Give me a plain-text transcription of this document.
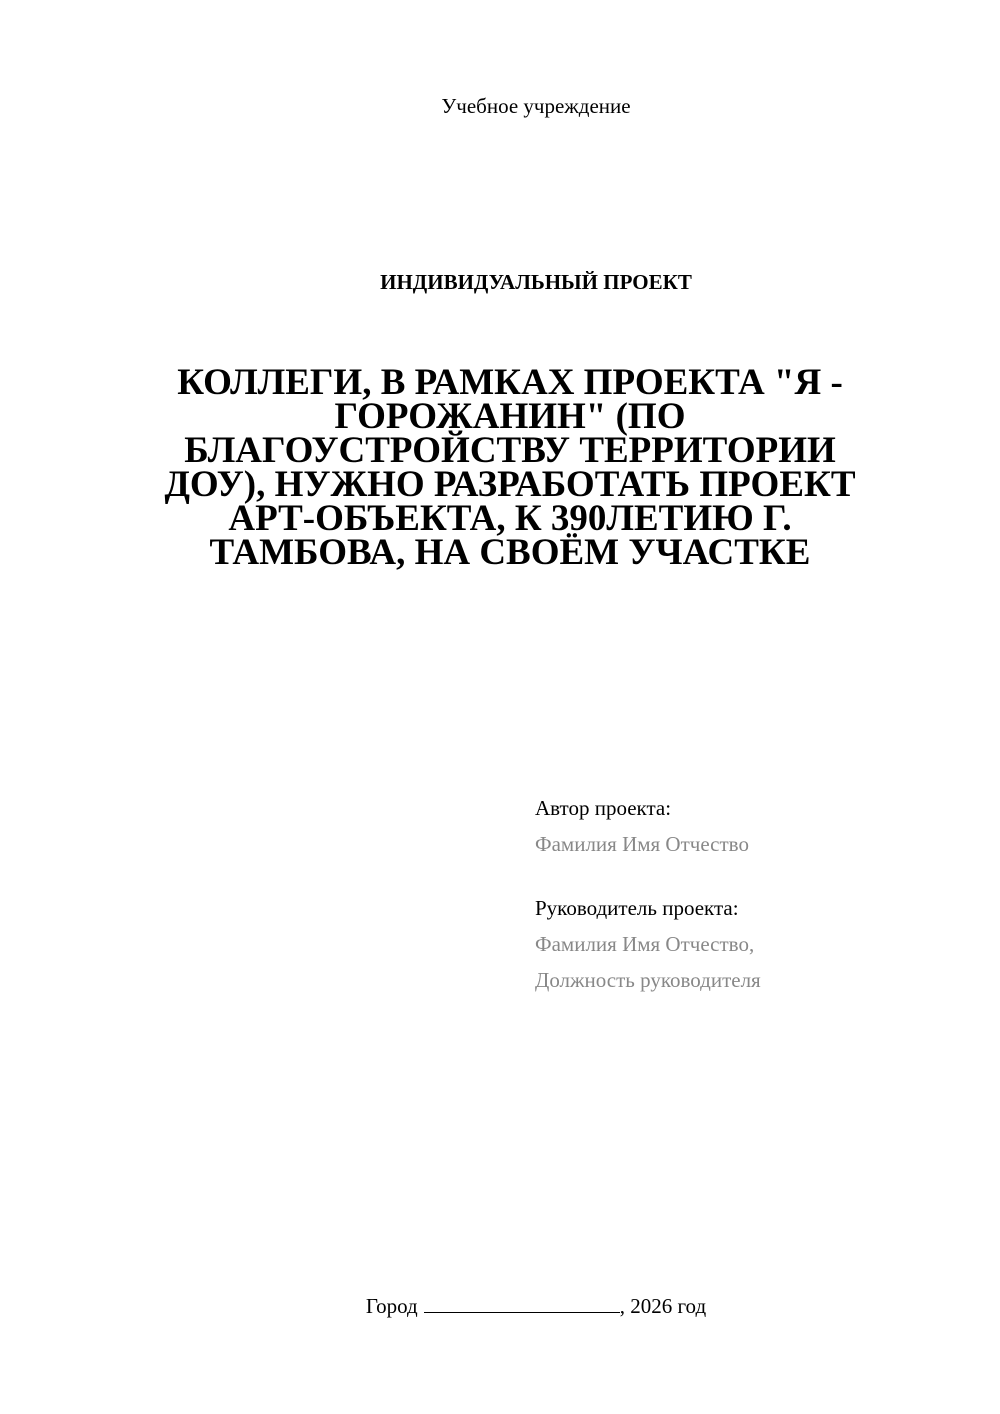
Учебное учреждение
ИНДИВИДУАЛЬНЫЙ ПРОЕКТ
КОЛЛЕГИ, В РАМКАХ ПРОЕКТА "Я -
ГОРОЖАНИН" (ПО
БЛАГОУСТРОЙСТВУ ТЕРРИТОРИИ
ДОУ), НУЖНО РАЗРАБОТАТЬ ПРОЕКТ
АРТ-ОБЪЕКТА, К 390ЛЕТИЮ Г.
ТАМБОВА, НА СВОЁМ УЧАСТКЕ
Автор проекта:
Фамилия Имя Отчество
Руководитель проекта:
Фамилия Имя Отчество,
Должность руководителя
Город	, 2026 год
